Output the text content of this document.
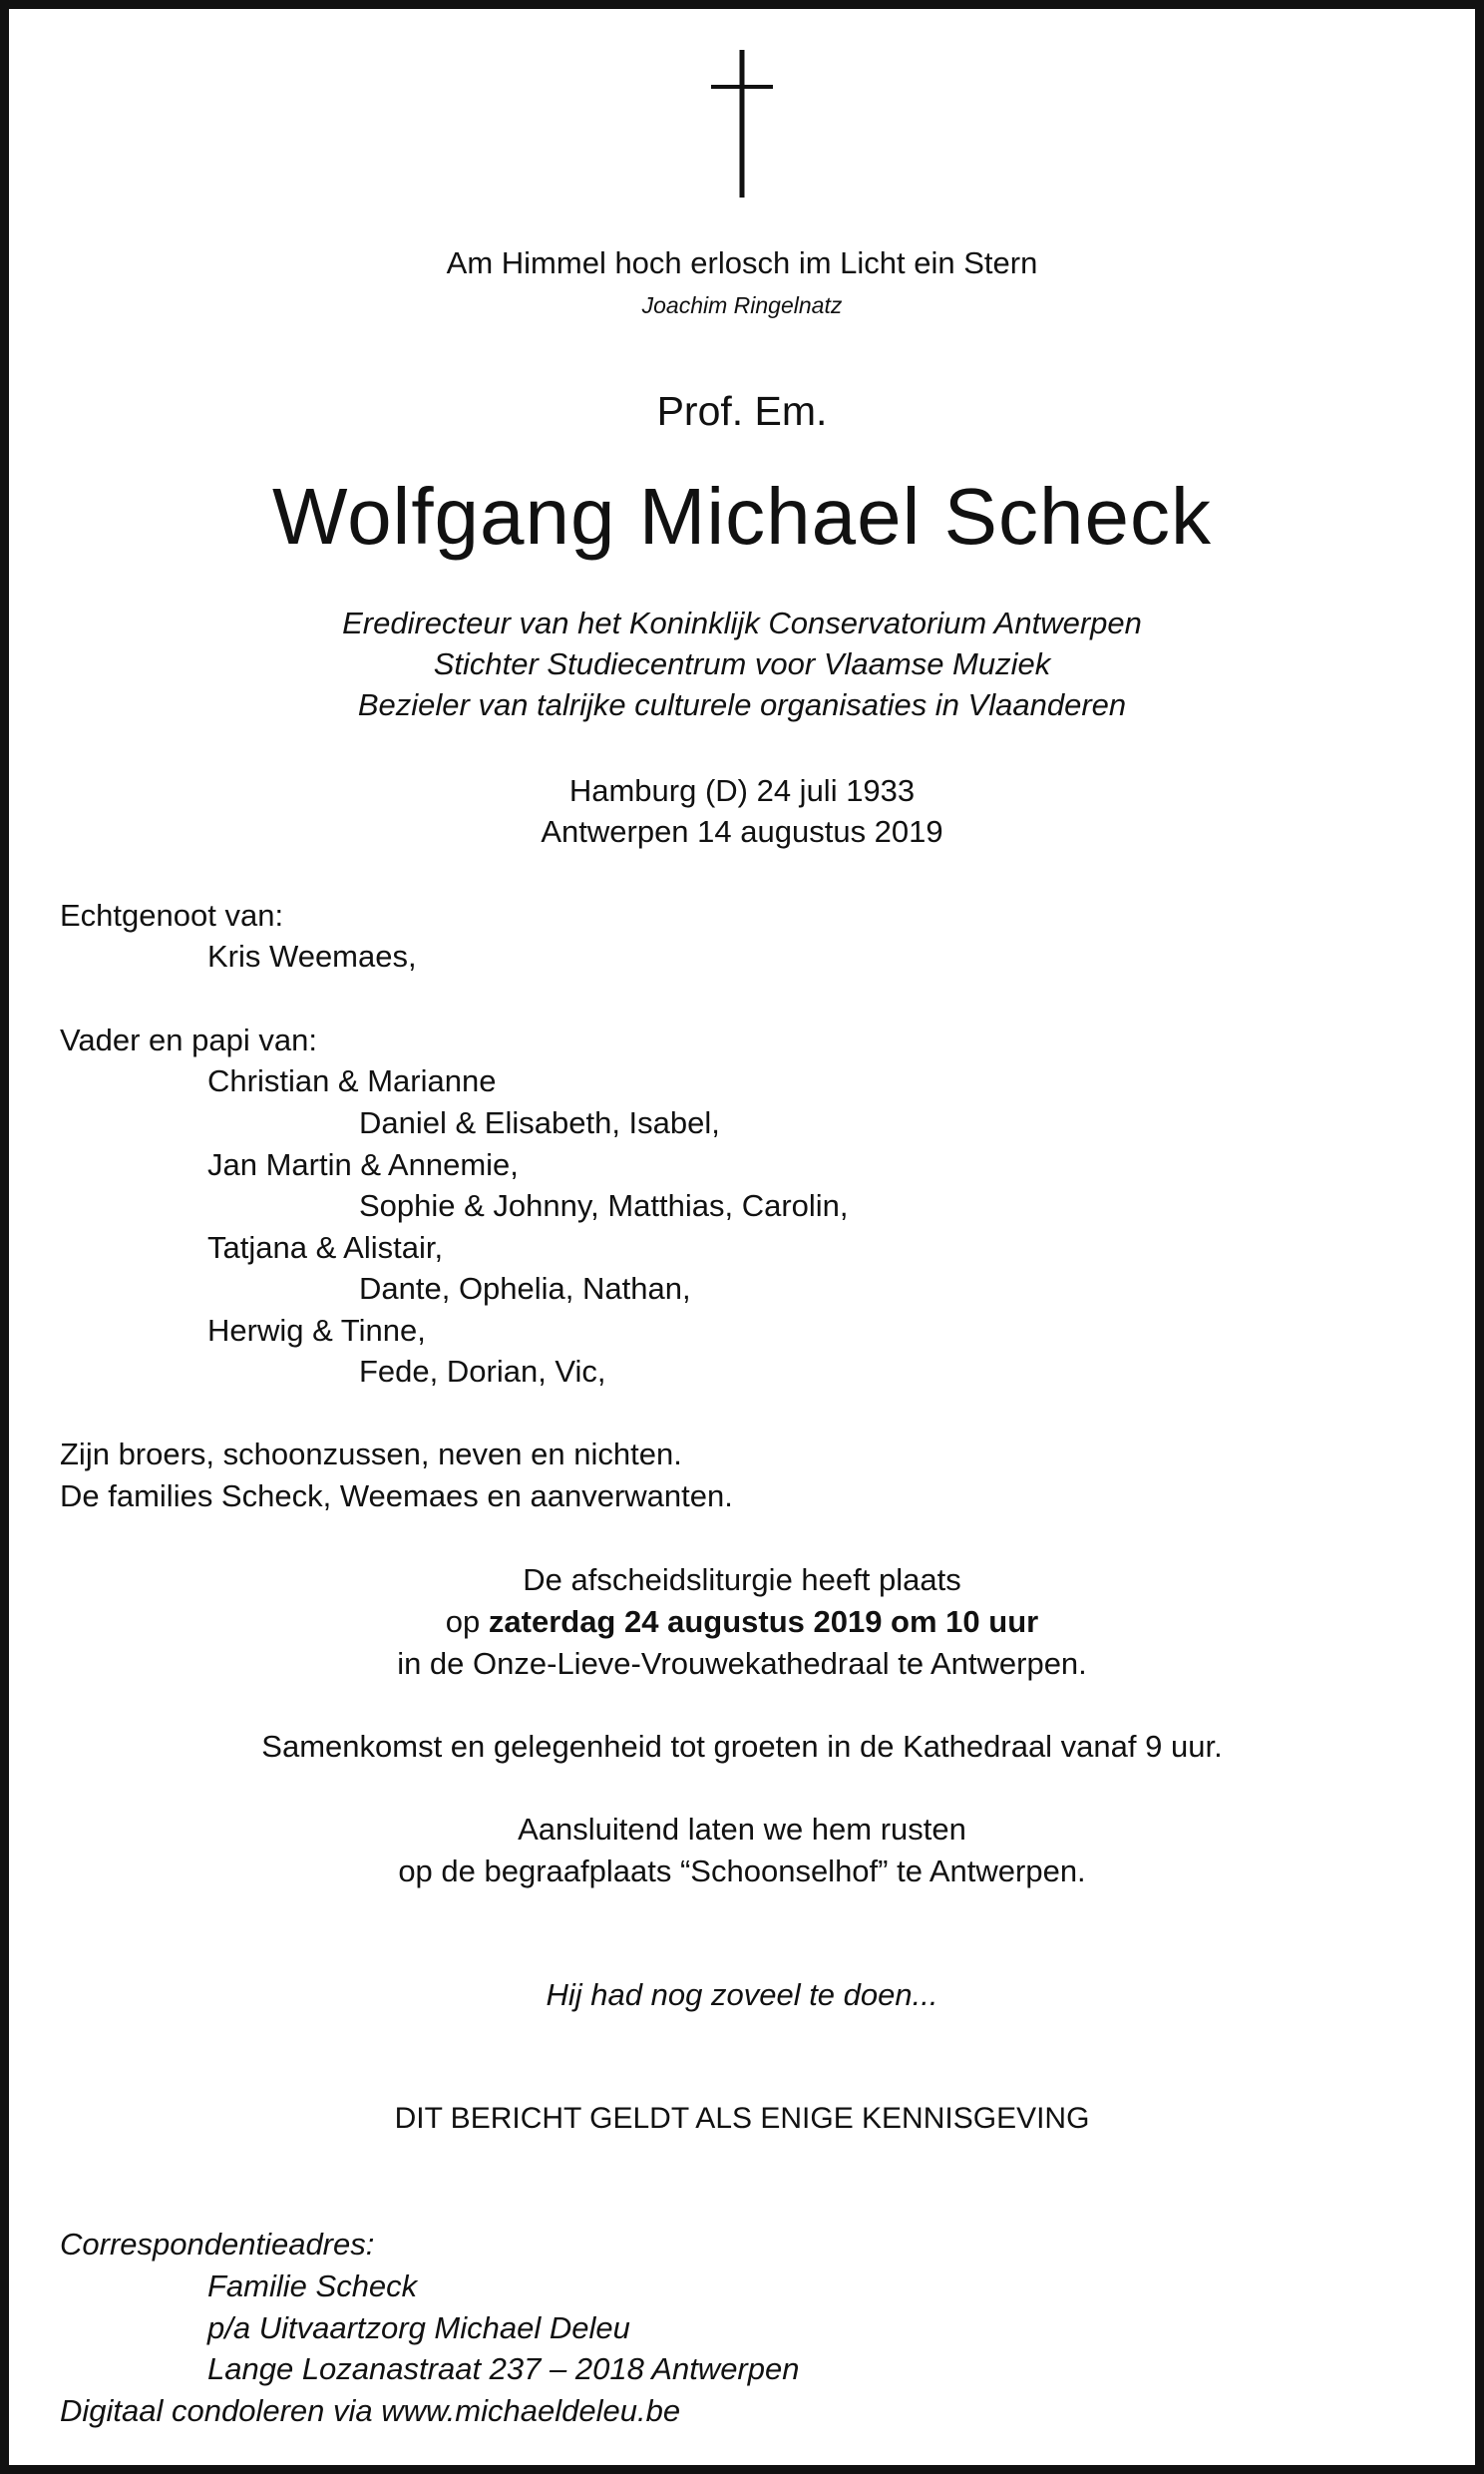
Am Himmel hoch erlosch im Licht ein Stern
Joachim Ringelnatz
Prof. Em.
Wolfgang Michael Scheck
Eredirecteur van het Koninklijk Conservatorium Antwerpen
Stichter Studiecentrum voor Vlaamse Muziek
Bezieler van talrijke culturele organisaties in Vlaanderen
Hamburg (D) 24 juli 1933
Antwerpen 14 augustus 2019
Echtgenoot van:
Kris Weemaes,
Vader en papi van:
Christian & Marianne
Daniel & Elisabeth, Isabel,
Jan Martin & Annemie,
Sophie & Johnny, Matthias, Carolin,
Tatjana & Alistair,
Dante, Ophelia, Nathan,
Herwig & Tinne,
Fede, Dorian, Vic,
Zijn broers, schoonzussen, neven en nichten.
De families Scheck, Weemaes en aanverwanten.
De afscheidsliturgie heeft plaats
op zaterdag 24 augustus 2019 om 10 uur
in de Onze-Lieve-Vrouwekathedraal te Antwerpen.
Samenkomst en gelegenheid tot groeten in de Kathedraal vanaf 9 uur.
Aansluitend laten we hem rusten
op de begraafplaats “Schoonselhof” te Antwerpen.
Hij had nog zoveel te doen...
DIT BERICHT GELDT ALS ENIGE KENNISGEVING
Correspondentieadres:
Familie Scheck
p/a Uitvaartzorg Michael Deleu
Lange Lozanastraat 237 – 2018 Antwerpen
Digitaal condoleren via www.michaeldeleu.be
